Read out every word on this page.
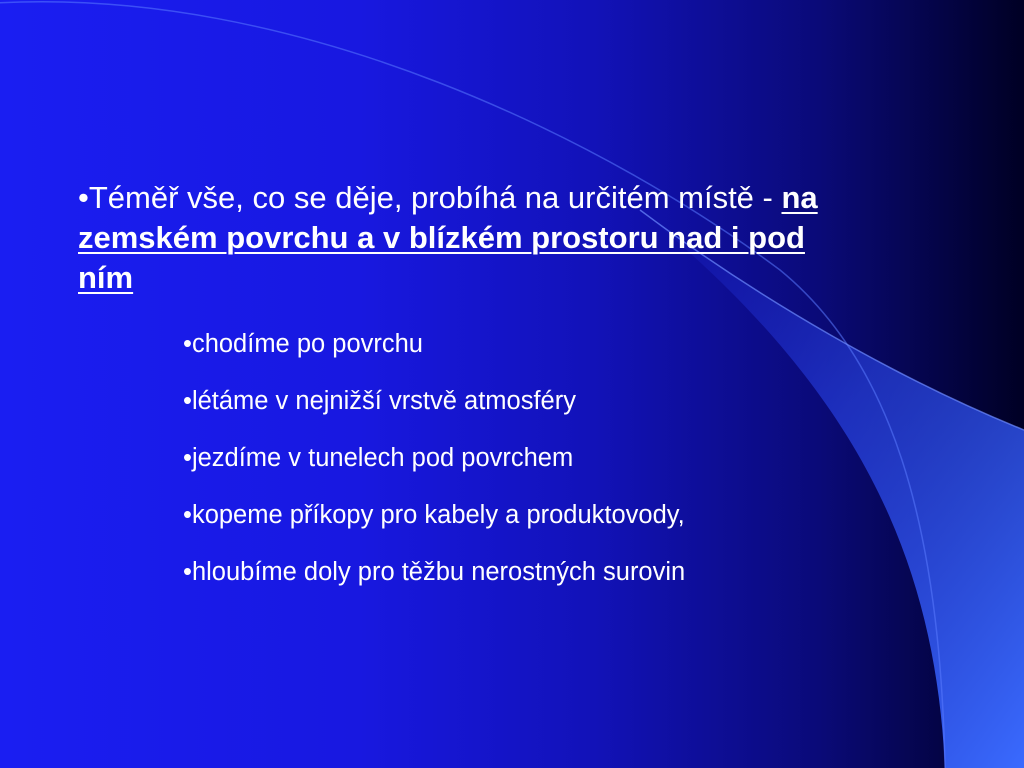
•Téměř vše, co se děje, probíhá na určitém místě - na zemském povrchu a v blízkém prostoru nad i pod ním
•chodíme po povrchu
•létáme v nejnižší vrstvě atmosféry
•jezdíme v tunelech pod povrchem
•kopeme příkopy pro kabely a produktovody,
•hloubíme doly pro těžbu nerostných surovin
